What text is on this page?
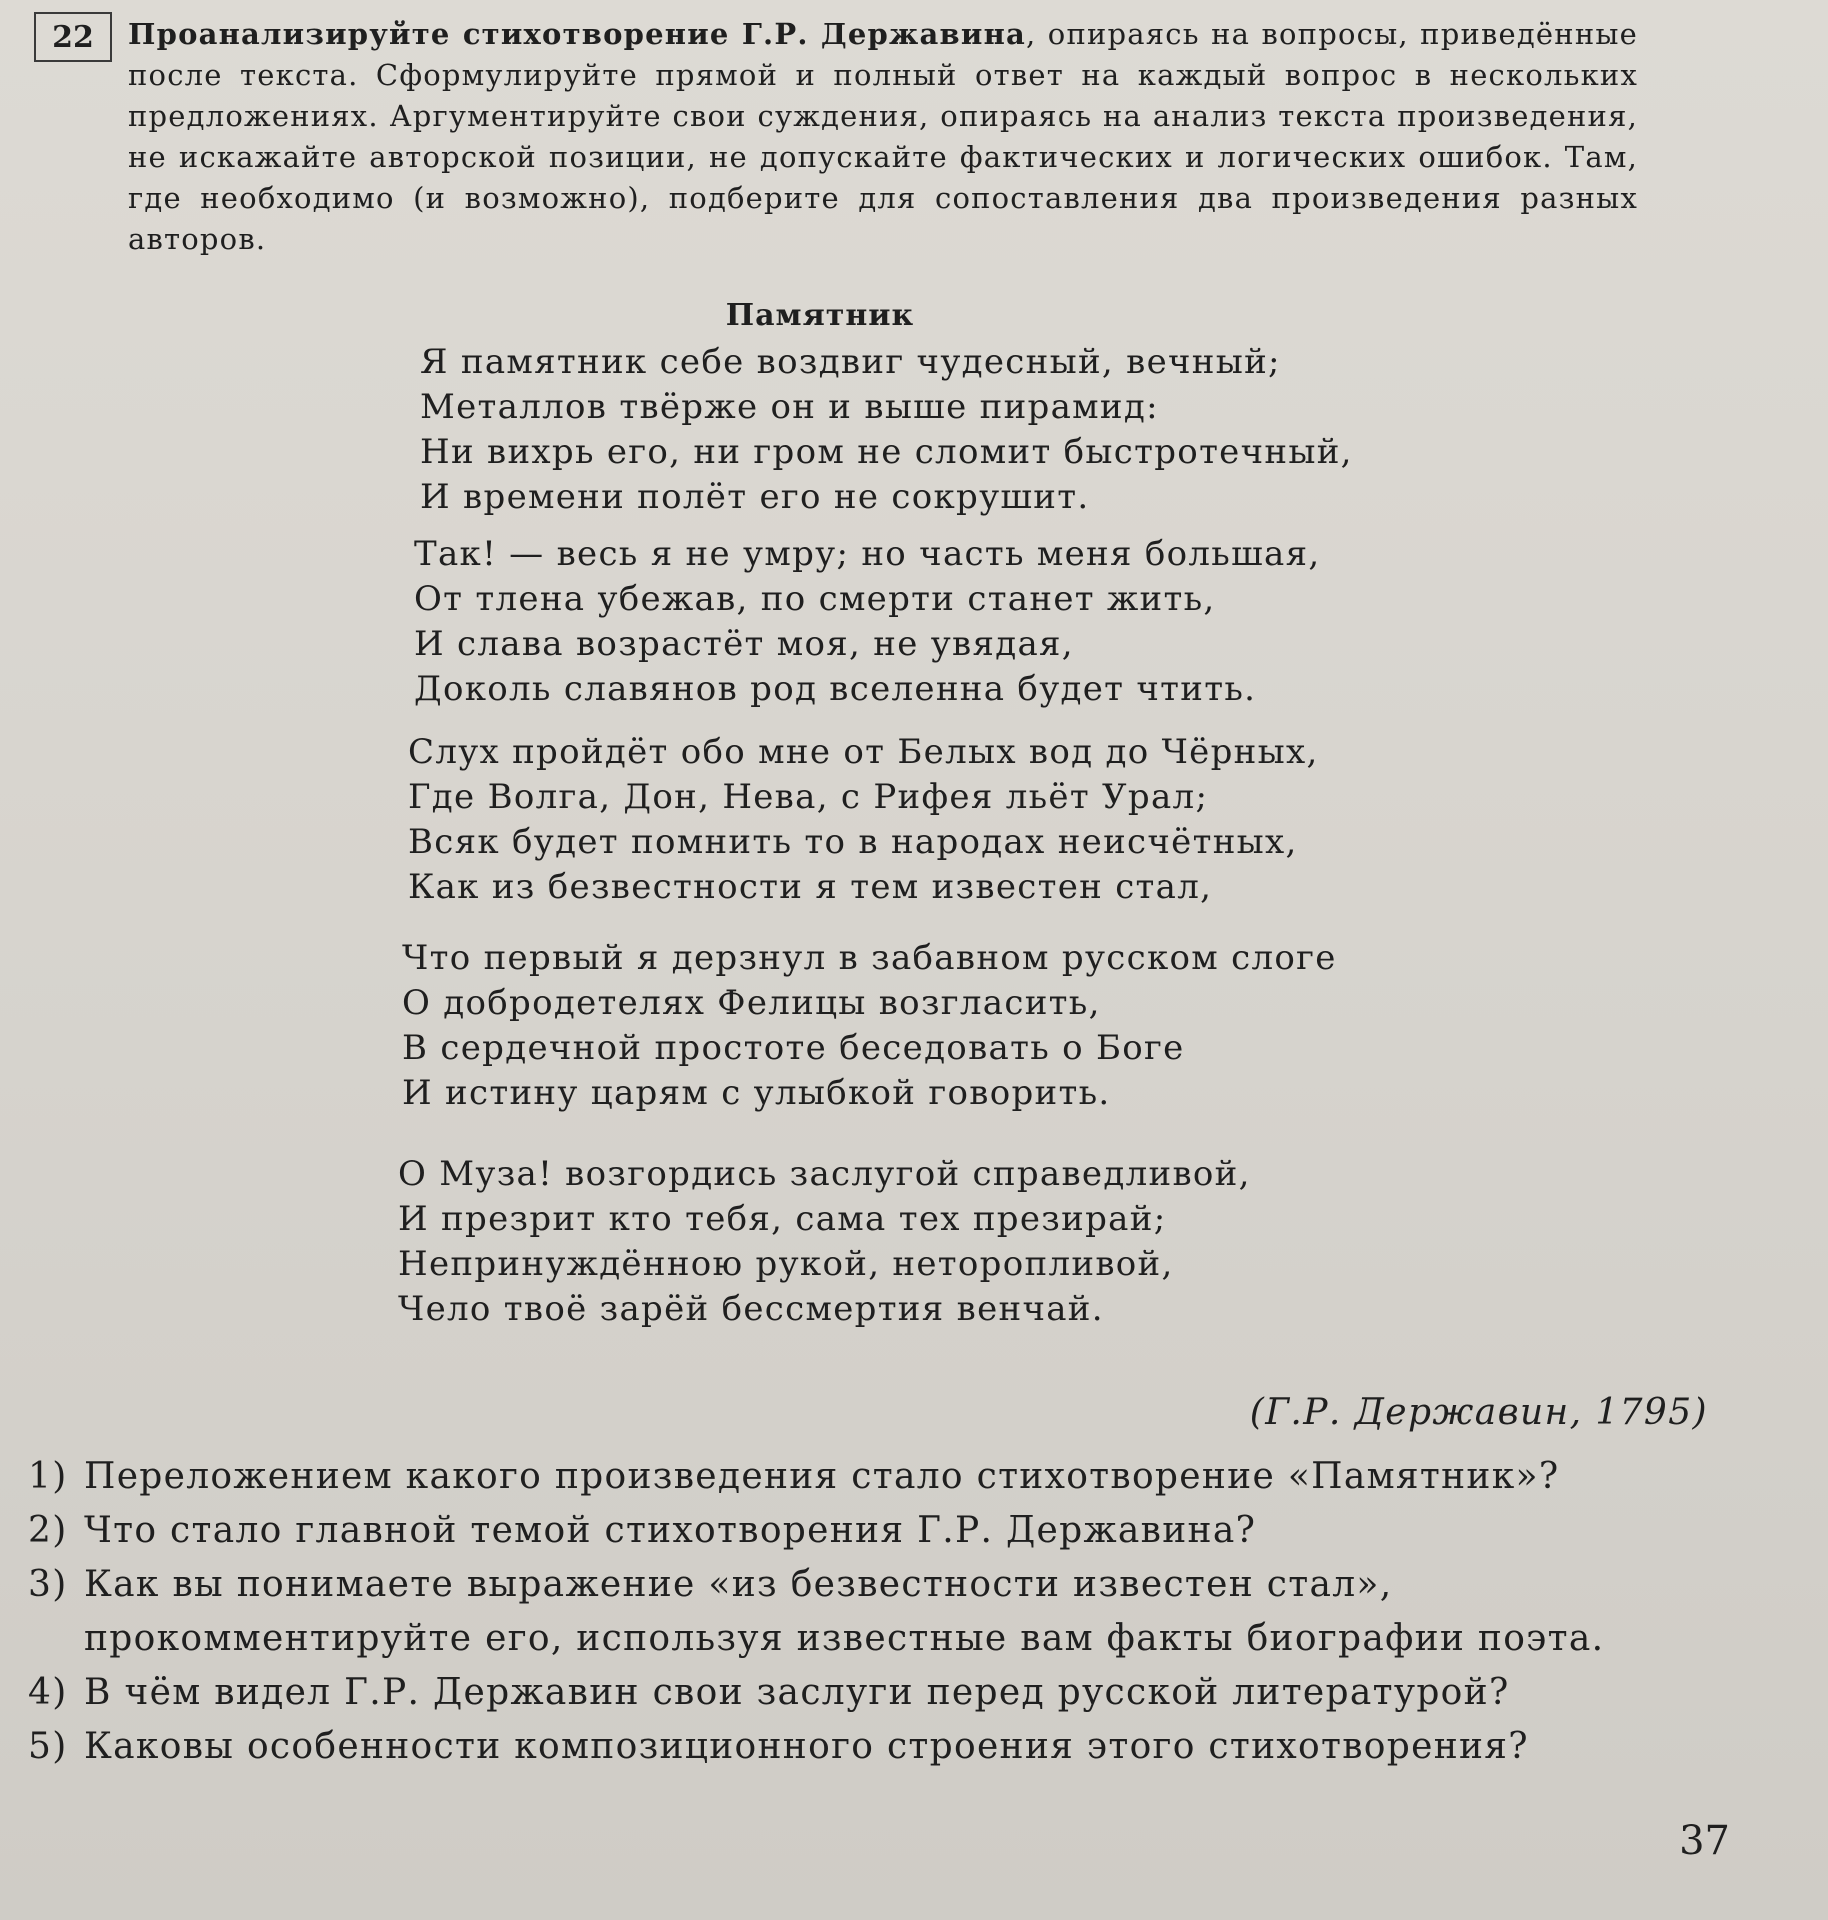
22	Проанализируйте стихотворение Г.Р. Державина, опираясь на вопросы, приведённые после текста. Сформулируйте прямой и полный ответ на каждый вопрос в нескольких предложениях. Аргументируйте свои суждения, опираясь на анализ текста произведения, не искажайте авторской позиции, не допускайте фактических и логических ошибок. Там, где необходимо (и возможно), подберите для сопоставления два произведения разных авторов.

Памятник
Я памятник себе воздвиг чудесный, вечный;
Металлов твёрже он и выше пирамид:
Ни вихрь его, ни гром не сломит быстротечный,
И времени полёт его не сокрушит.
Так! — весь я не умру; но часть меня большая,
От тлена убежав, по смерти станет жить,
И слава возрастёт моя, не увядая,
Доколь славянов род вселенна будет чтить.
Слух пройдёт обо мне от Белых вод до Чёрных,
Где Волга, Дон, Нева, с Рифея льёт Урал;
Всяк будет помнить то в народах неисчётных,
Как из безвестности я тем известен стал,
Что первый я дерзнул в забавном русском слоге
О добродетелях Фелицы возгласить,
В сердечной простоте беседовать о Боге
И истину царям с улыбкой говорить.
О Муза! возгордись заслугой справедливой,
И презрит кто тебя, сама тех презирай;
Непринуждённою рукой, неторопливой,
Чело твоё зарёй бессмертия венчай.

(Г.Р. Державин, 1795)

1) Переложением какого произведения стало стихотворение «Памятник»?
2) Что стало главной темой стихотворения Г.Р. Державина?
3) Как вы понимаете выражение «из безвестности известен стал», прокомментируйте его, используя известные вам факты биографии поэта.
4) В чём видел Г.Р. Державин свои заслуги перед русской литературой?
5) Каковы особенности композиционного строения этого стихотворения?

37
